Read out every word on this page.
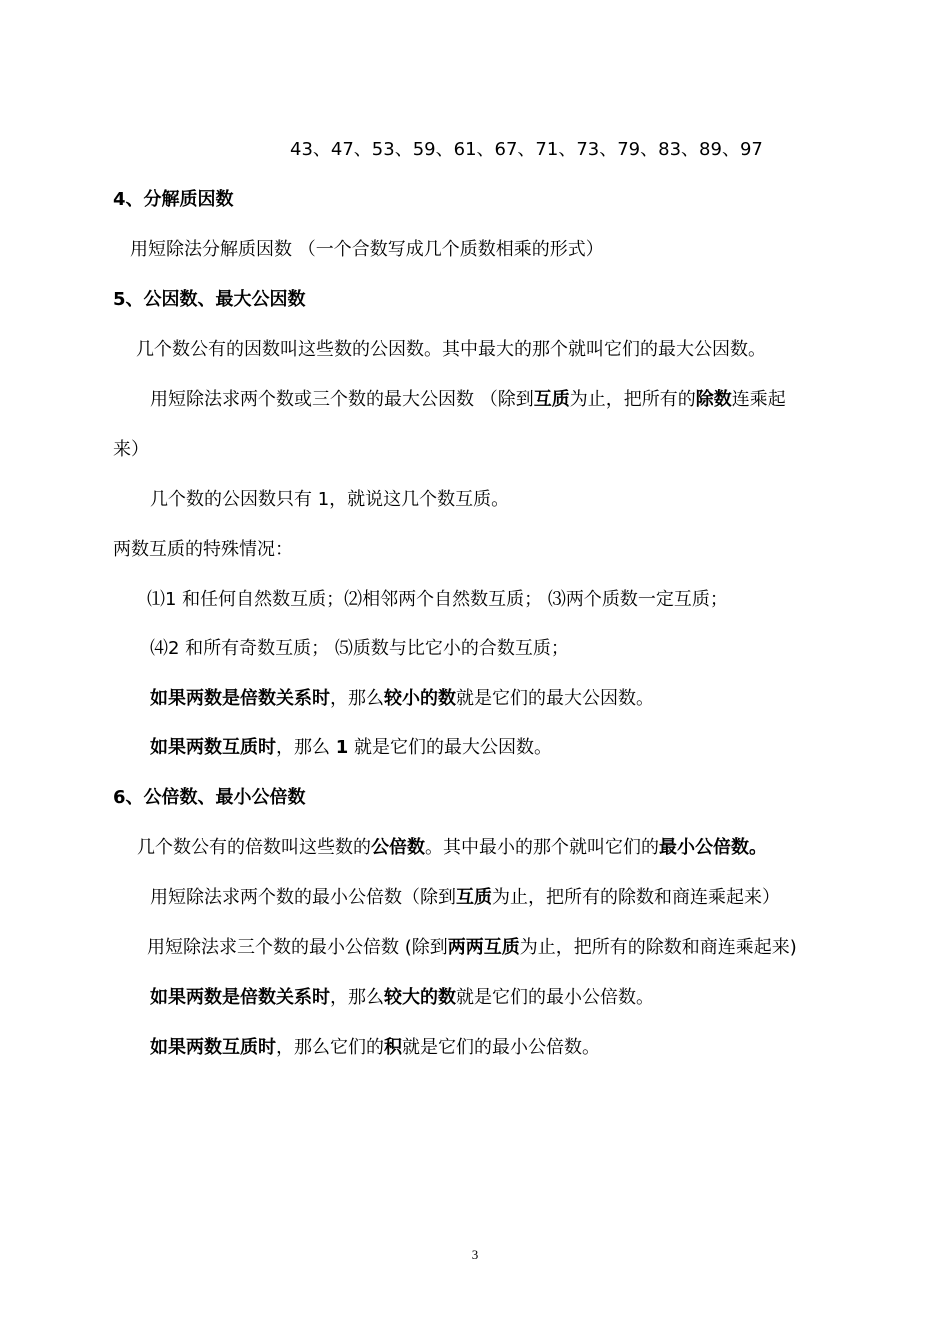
43、47、53、59、61、67、71、73、79、83、89、97
4、分解质因数
用短除法分解质因数 （一个合数写成几个质数相乘的形式）
5、公因数、最大公因数
几个数公有的因数叫这些数的公因数。其中最大的那个就叫它们的最大公因数。
用短除法求两个数或三个数的最大公因数 （除到互质为止，把所有的除数连乘起
来）
几个数的公因数只有 1，就说这几个数互质。
两数互质的特殊情况：
⑴1 和任何自然数互质；⑵相邻两个自然数互质； ⑶两个质数一定互质；
⑷2 和所有奇数互质； ⑸质数与比它小的合数互质；
如果两数是倍数关系时，那么较小的数就是它们的最大公因数。
如果两数互质时，那么 1 就是它们的最大公因数。
6、公倍数、最小公倍数
几个数公有的倍数叫这些数的公倍数。其中最小的那个就叫它们的最小公倍数。
用短除法求两个数的最小公倍数（除到互质为止，把所有的除数和商连乘起来）
用短除法求三个数的最小公倍数 (除到两两互质为止，把所有的除数和商连乘起来)
如果两数是倍数关系时，那么较大的数就是它们的最小公倍数。
如果两数互质时，那么它们的积就是它们的最小公倍数。
3
